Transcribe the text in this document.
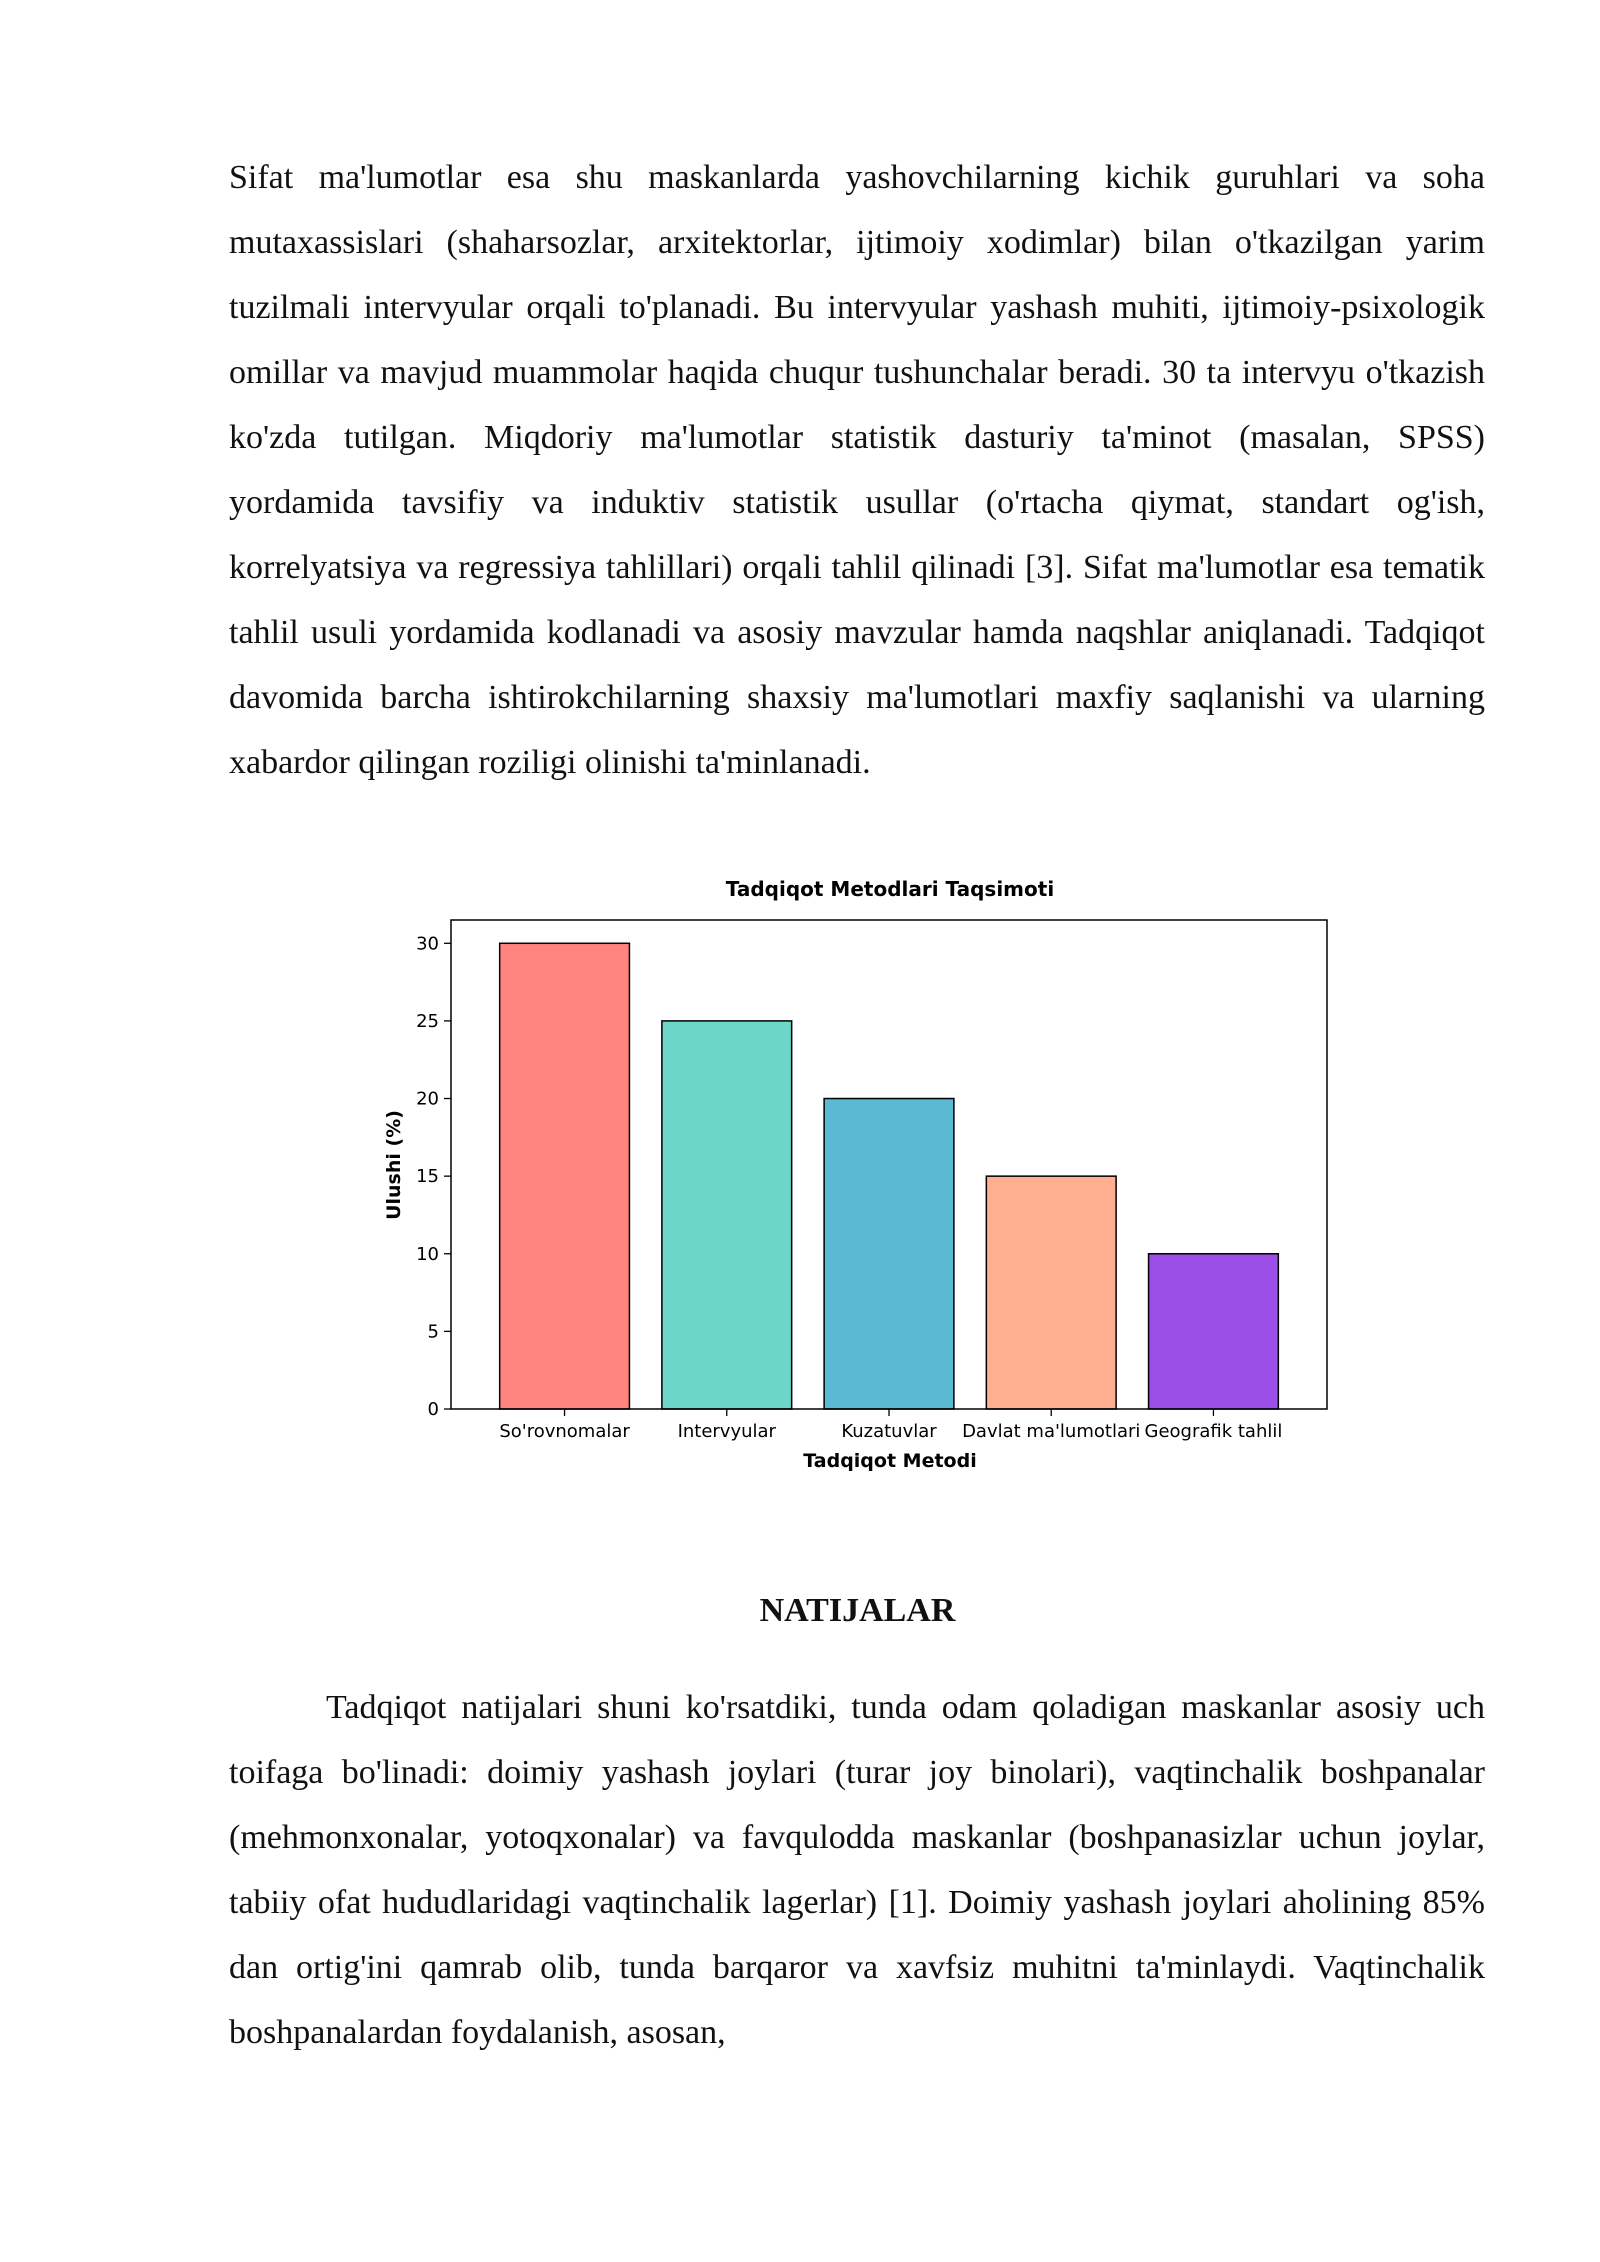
Sifat ma'lumotlar esa shu maskanlarda yashovchilarning kichik guruhlari va soha mutaxassislari (shaharsozlar, arxitektorlar, ijtimoiy xodimlar) bilan o'tkazilgan yarim tuzilmali intervyular orqali to'planadi. Bu intervyular yashash muhiti, ijtimoiy-psixologik omillar va mavjud muammolar haqida chuqur tushunchalar beradi. 30 ta intervyu o'tkazish ko'zda tutilgan. Miqdoriy ma'lumotlar statistik dasturiy ta'minot (masalan, SPSS) yordamida tavsifiy va induktiv statistik usullar (o'rtacha qiymat, standart og'ish, korrelyatsiya va regressiya tahlillari) orqali tahlil qilinadi [3]. Sifat ma'lumotlar esa tematik tahlil usuli yordamida kodlanadi va asosiy mavzular hamda naqshlar aniqlanadi. Tadqiqot davomida barcha ishtirokchilarning shaxsiy ma'lumotlari maxfiy saqlanishi va ularning xabardor qilingan roziligi olinishi ta'minlanadi.

Tadqiqot Metodlari Taqsimoti
Ulushi (%)
Tadqiqot Metodi
0
5
10
15
20
25
30
So'rovnomalar	Intervyular	Kuzatuvlar Davlat ma'lumotlari Geografik tahlil
NATIJALAR

Tadqiqot natijalari shuni ko'rsatdiki, tunda odam qoladigan maskanlar asosiy uch toifaga bo'linadi: doimiy yashash joylari (turar joy binolari), vaqtinchalik boshpanalar (mehmonxonalar, yotoqxonalar) va favqulodda maskanlar (boshpanasizlar uchun joylar, tabiiy ofat hududlaridagi vaqtinchalik lagerlar) [1]. Doimiy yashash joylari aholining 85% dan ortig'ini qamrab olib, tunda barqaror va xavfsiz muhitni ta'minlaydi. Vaqtinchalik boshpanalardan foydalanish, asosan,
